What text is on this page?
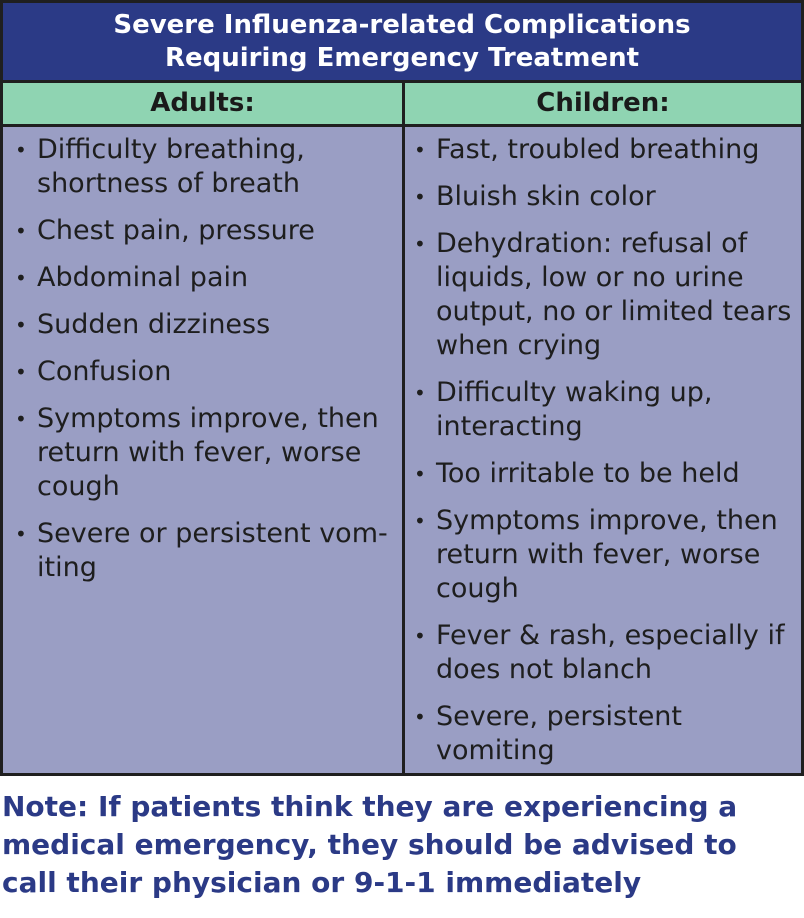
Severe Influenza-related Complications
Requiring Emergency Treatment
Adults:	Children:
• Difficulty breathing, shortness of breath
• Chest pain, pressure
• Abdominal pain
• Sudden dizziness
• Confusion
• Symptoms improve, then return with fever, worse cough
• Severe or persistent vom-iting
• Fast, troubled breathing
• Bluish skin color
• Dehydration: refusal of liquids, low or no urine output, no or limited tears when crying
• Difficulty waking up, interacting
• Too irritable to be held
• Symptoms improve, then return with fever, worse cough
• Fever & rash, especially if does not blanch
• Severe, persistent vomiting
Note: If patients think they are experiencing a
medical emergency, they should be advised to
call their physician or 9-1-1 immediately
